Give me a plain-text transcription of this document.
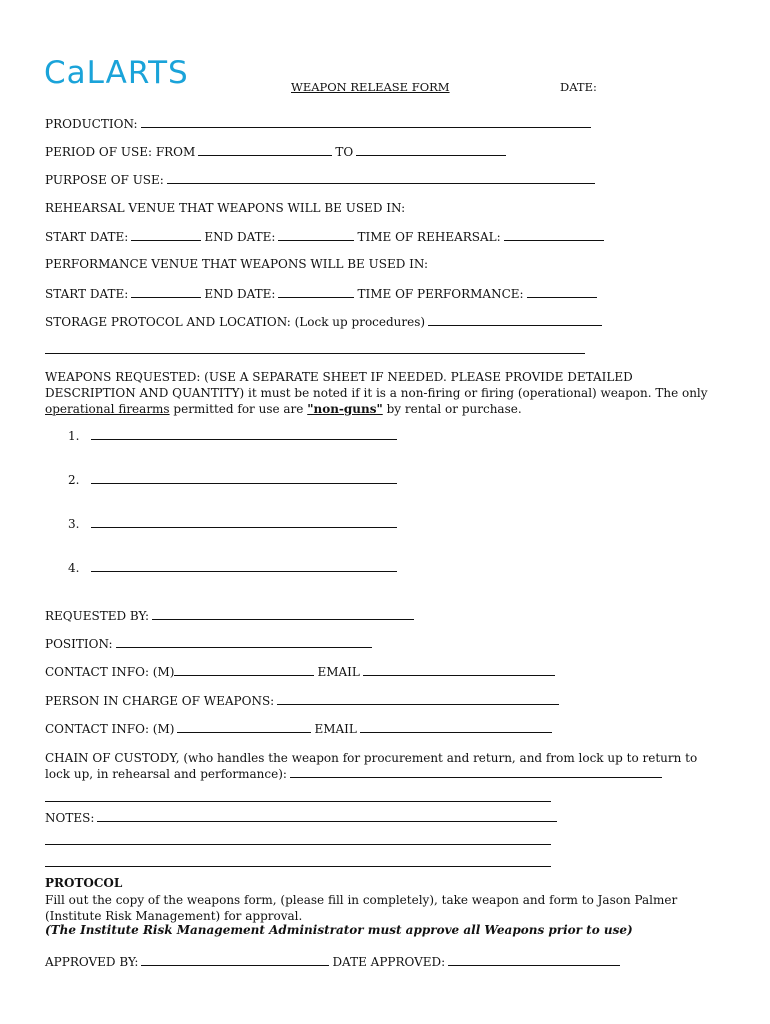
CaLARTS	WEAPON RELEASE FORM	DATE:
PRODUCTION:
PERIOD OF USE: FROM	TO
PURPOSE OF USE:
REHEARSAL VENUE THAT WEAPONS WILL BE USED IN:
START DATE:	END DATE:	TIME OF REHEARSAL:
PERFORMANCE VENUE THAT WEAPONS WILL BE USED IN:
START DATE:	END DATE:	TIME OF PERFORMANCE:
STORAGE PROTOCOL AND LOCATION: (Lock up procedures)
WEAPONS REQUESTED: (USE A SEPARATE SHEET IF NEEDED. PLEASE PROVIDE DETAILED DESCRIPTION AND QUANTITY) it must be noted if it is a non-firing or firing (operational) weapon. The only operational firearms permitted for use are "non-guns" by rental or purchase.
1.
2.
3.
4.
REQUESTED BY:
POSITION:
CONTACT INFO: (M)	EMAIL
PERSON IN CHARGE OF WEAPONS:
CONTACT INFO: (M)	EMAIL
CHAIN OF CUSTODY, (who handles the weapon for procurement and return, and from lock up to return to lock up, in rehearsal and performance):
NOTES:
PROTOCOL
Fill out the copy of the weapons form, (please fill in completely), take weapon and form to Jason Palmer (Institute Risk Management) for approval.
(The Institute Risk Management Administrator must approve all Weapons prior to use)
APPROVED BY:	DATE APPROVED:
